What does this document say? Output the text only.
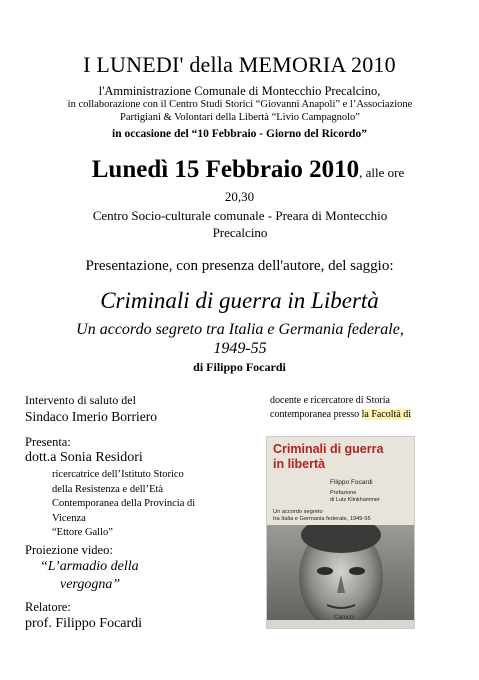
I LUNEDI' della MEMORIA 2010
l'Amministrazione Comunale di Montecchio Precalcino,
in collaborazione con il Centro Studi Storici “Giovanni Anapoli” e l’Associazione
Partigiani & Volontari della Libertà “Livio Campagnolo”
in occasione del “10 Febbraio - Giorno del Ricordo”
Lunedì 15 Febbraio 2010, alle ore
20,30
Centro Socio-culturale comunale - Preara di Montecchio
Precalcino
Presentazione, con presenza dell'autore, del saggio:
Criminali di guerra in Libertà
Un accordo segreto tra Italia e Germania federale,
1949-55
di Filippo Focardi
Intervento di saluto del
Sindaco Imerio Borriero
Presenta:
dott.a Sonia Residori
ricercatrice dell’Istituto Storico
della Resistenza e dell’Età
Contemporanea della Provincia di
Vicenza
“Ettore Gallo”
Proiezione video:
“L’armadio della
vergogna”
Relatore:
prof. Filippo Focardi
docente e ricercatore di Storia
contemporanea presso la Facoltà di
Criminali di guerra
in libertà
Filippo Focardi
Prefazione
di Lutz Klinkhammer
Un accordo segreto
tra Italia e Germania federale, 1949-55
Carocci
